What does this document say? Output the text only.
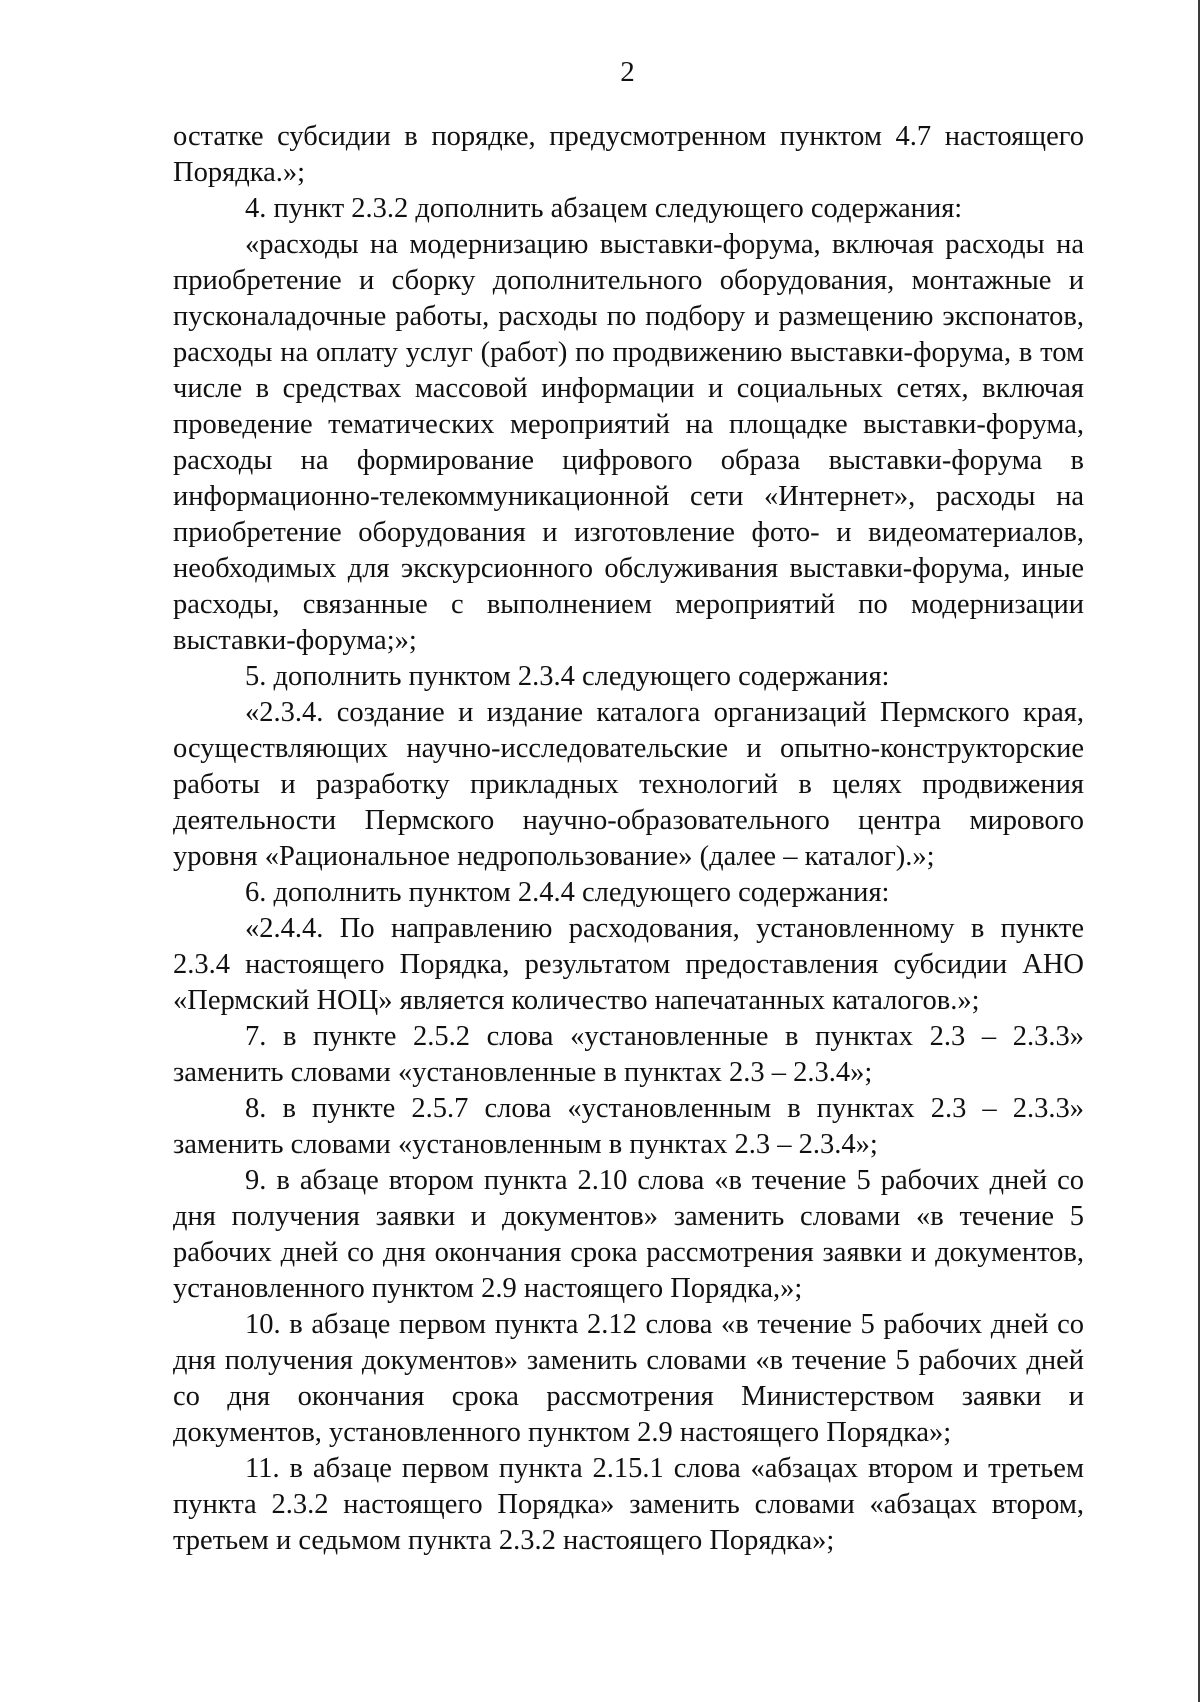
2

остатке субсидии в порядке, предусмотренном пунктом 4.7 настоящего Порядка.»;

4. пункт 2.3.2 дополнить абзацем следующего содержания:

«расходы на модернизацию выставки-форума, включая расходы на приобретение и сборку дополнительного оборудования, монтажные и пусконаладочные работы, расходы по подбору и размещению экспонатов, расходы на оплату услуг (работ) по продвижению выставки-форума, в том числе в средствах массовой информации и социальных сетях, включая проведение тематических мероприятий на площадке выставки-форума, расходы на формирование цифрового образа выставки-форума в информационно-телекоммуникационной сети «Интернет», расходы на приобретение оборудования и изготовление фото- и видеоматериалов, необходимых для экскурсионного обслуживания выставки-форума, иные расходы, связанные с выполнением мероприятий по модернизации выставки-форума;»;

5. дополнить пунктом 2.3.4 следующего содержания:

«2.3.4. создание и издание каталога организаций Пермского края, осуществляющих научно-исследовательские и опытно-конструкторские работы и разработку прикладных технологий в целях продвижения деятельности Пермского научно-образовательного центра мирового уровня «Рациональное недропользование» (далее – каталог).»;

6. дополнить пунктом 2.4.4 следующего содержания:

«2.4.4. По направлению расходования, установленному в пункте 2.3.4 настоящего Порядка, результатом предоставления субсидии АНО «Пермский НОЦ» является количество напечатанных каталогов.»;

7. в пункте 2.5.2 слова «установленные в пунктах 2.3 – 2.3.3» заменить словами «установленные в пунктах 2.3 – 2.3.4»;

8. в пункте 2.5.7 слова «установленным в пунктах 2.3 – 2.3.3» заменить словами «установленным в пунктах 2.3 – 2.3.4»;

9. в абзаце втором пункта 2.10 слова «в течение 5 рабочих дней со дня получения заявки и документов» заменить словами «в течение 5 рабочих дней со дня окончания срока рассмотрения заявки и документов, установленного пунктом 2.9 настоящего Порядка,»;

10. в абзаце первом пункта 2.12 слова «в течение 5 рабочих дней со дня получения документов» заменить словами «в течение 5 рабочих дней со дня окончания срока рассмотрения Министерством заявки и документов, установленного пунктом 2.9 настоящего Порядка»;

11. в абзаце первом пункта 2.15.1 слова «абзацах втором и третьем пункта 2.3.2 настоящего Порядка» заменить словами «абзацах втором, третьем и седьмом пункта 2.3.2 настоящего Порядка»;
